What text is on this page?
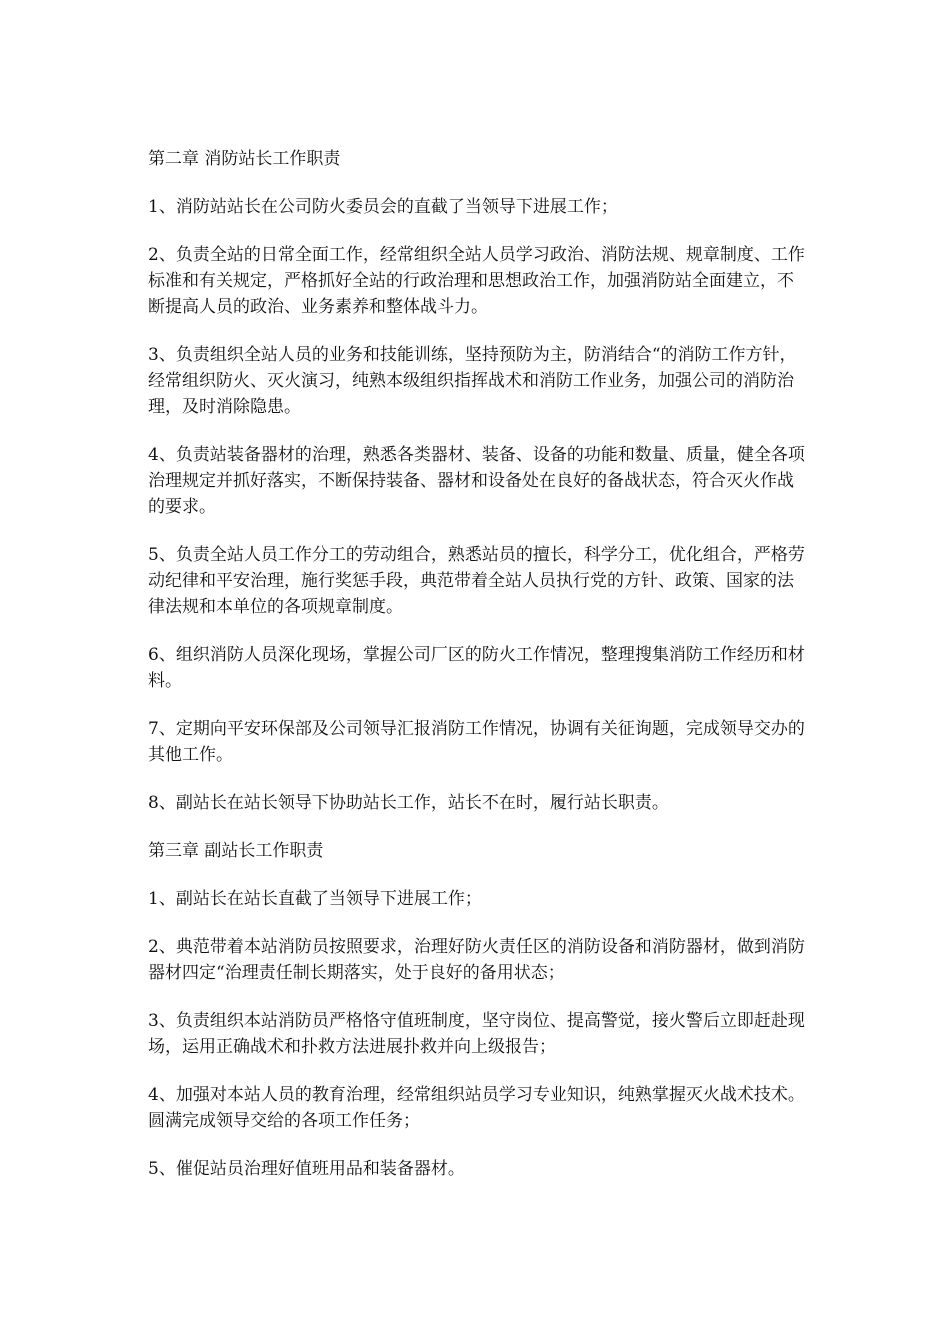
第二章 消防站长工作职责

1、消防站站长在公司防火委员会的直截了当领导下进展工作；

2、负责全站的日常全面工作，经常组织全站人员学习政治、消防法规、规章制度、工作标准和有关规定，严格抓好全站的行政治理和思想政治工作，加强消防站全面建立，不断提高人员的政治、业务素养和整体战斗力。

3、负责组织全站人员的业务和技能训练，坚持预防为主，防消结合“的消防工作方针，经常组织防火、灭火演习，纯熟本级组织指挥战术和消防工作业务，加强公司的消防治理，及时消除隐患。

4、负责站装备器材的治理，熟悉各类器材、装备、设备的功能和数量、质量，健全各项治理规定并抓好落实，不断保持装备、器材和设备处在良好的备战状态，符合灭火作战的要求。

5、负责全站人员工作分工的劳动组合，熟悉站员的擅长，科学分工，优化组合，严格劳动纪律和平安治理，施行奖惩手段，典范带着全站人员执行党的方针、政策、国家的法律法规和本单位的各项规章制度。

6、组织消防人员深化现场，掌握公司厂区的防火工作情况，整理搜集消防工作经历和材料。

7、定期向平安环保部及公司领导汇报消防工作情况，协调有关征询题，完成领导交办的其他工作。

8、副站长在站长领导下协助站长工作，站长不在时，履行站长职责。

第三章 副站长工作职责

1、副站长在站长直截了当领导下进展工作；

2、典范带着本站消防员按照要求，治理好防火责任区的消防设备和消防器材，做到消防器材四定“治理责任制长期落实，处于良好的备用状态；

3、负责组织本站消防员严格恪守值班制度，坚守岗位、提高警觉，接火警后立即赶赴现场，运用正确战术和扑救方法进展扑救并向上级报告；

4、加强对本站人员的教育治理，经常组织站员学习专业知识，纯熟掌握灭火战术技术。圆满完成领导交给的各项工作任务；

5、催促站员治理好值班用品和装备器材。
